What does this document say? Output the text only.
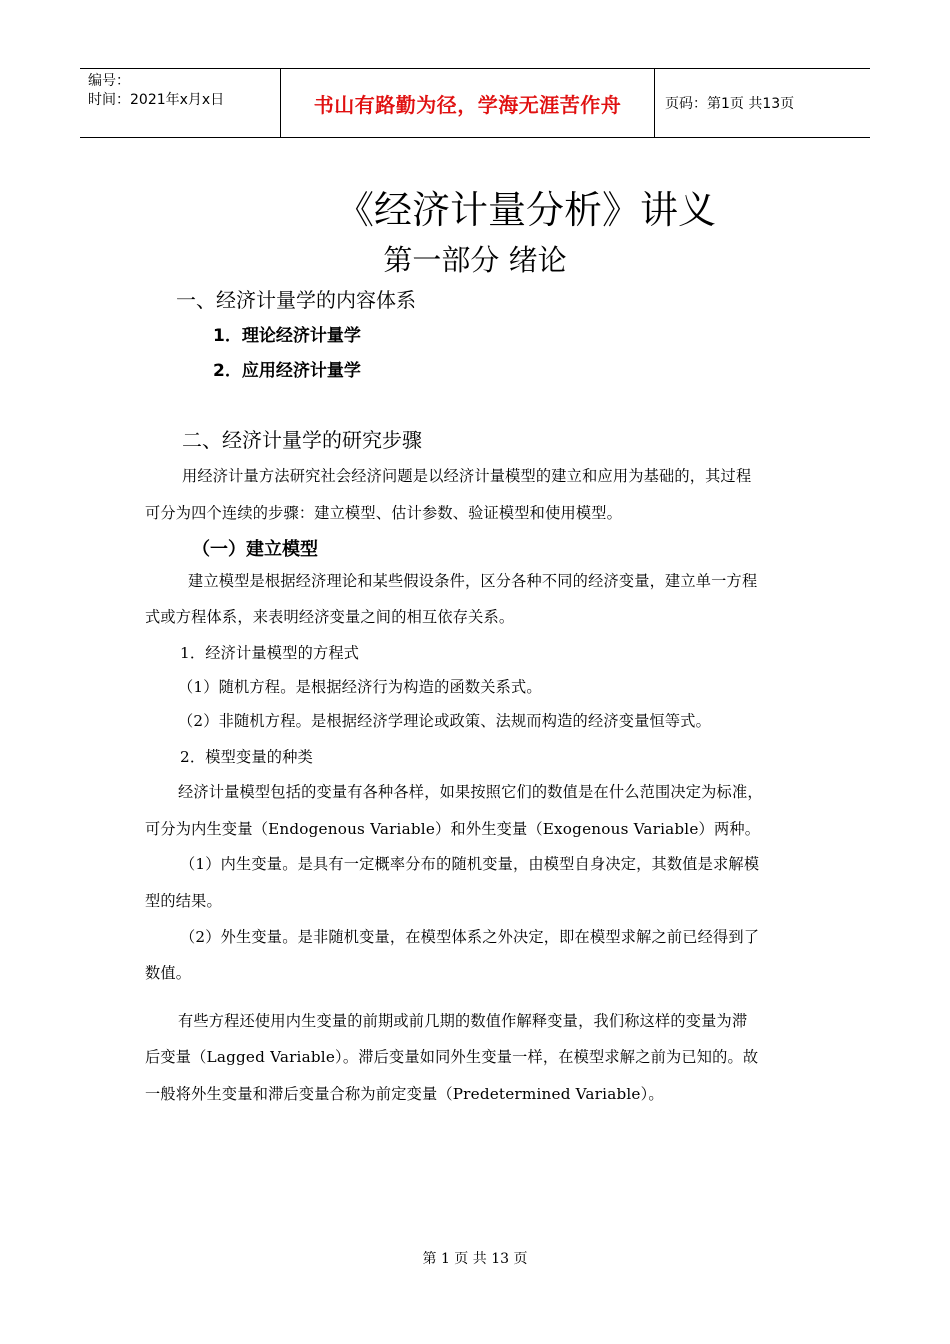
编号：
时间：2021年x月x日	书山有路勤为径，学海无涯苦作舟	页码：第1页 共13页
《经济计量分析》讲义
第一部分 绪论
一、经济计量学的内容体系
1．理论经济计量学
2．应用经济计量学
二、经济计量学的研究步骤
用经济计量方法研究社会经济问题是以经济计量模型的建立和应用为基础的，其过程
可分为四个连续的步骤：建立模型、估计参数、验证模型和使用模型。
（一）建立模型
建立模型是根据经济理论和某些假设条件，区分各种不同的经济变量，建立单一方程
式或方程体系，来表明经济变量之间的相互依存关系。
1．经济计量模型的方程式
（1）随机方程。是根据经济行为构造的函数关系式。
（2）非随机方程。是根据经济学理论或政策、法规而构造的经济变量恒等式。
2．模型变量的种类
经济计量模型包括的变量有各种各样，如果按照它们的数值是在什么范围决定为标准，
可分为内生变量（Endogenous Variable）和外生变量（Exogenous Variable）两种。
（1）内生变量。是具有一定概率分布的随机变量，由模型自身决定，其数值是求解模
型的结果。
（2）外生变量。是非随机变量，在模型体系之外决定，即在模型求解之前已经得到了
数值。
有些方程还使用内生变量的前期或前几期的数值作解释变量，我们称这样的变量为滞
后变量（Lagged Variable）。滞后变量如同外生变量一样，在模型求解之前为已知的。故
一般将外生变量和滞后变量合称为前定变量（Predetermined Variable）。
第 1 页 共 13 页
